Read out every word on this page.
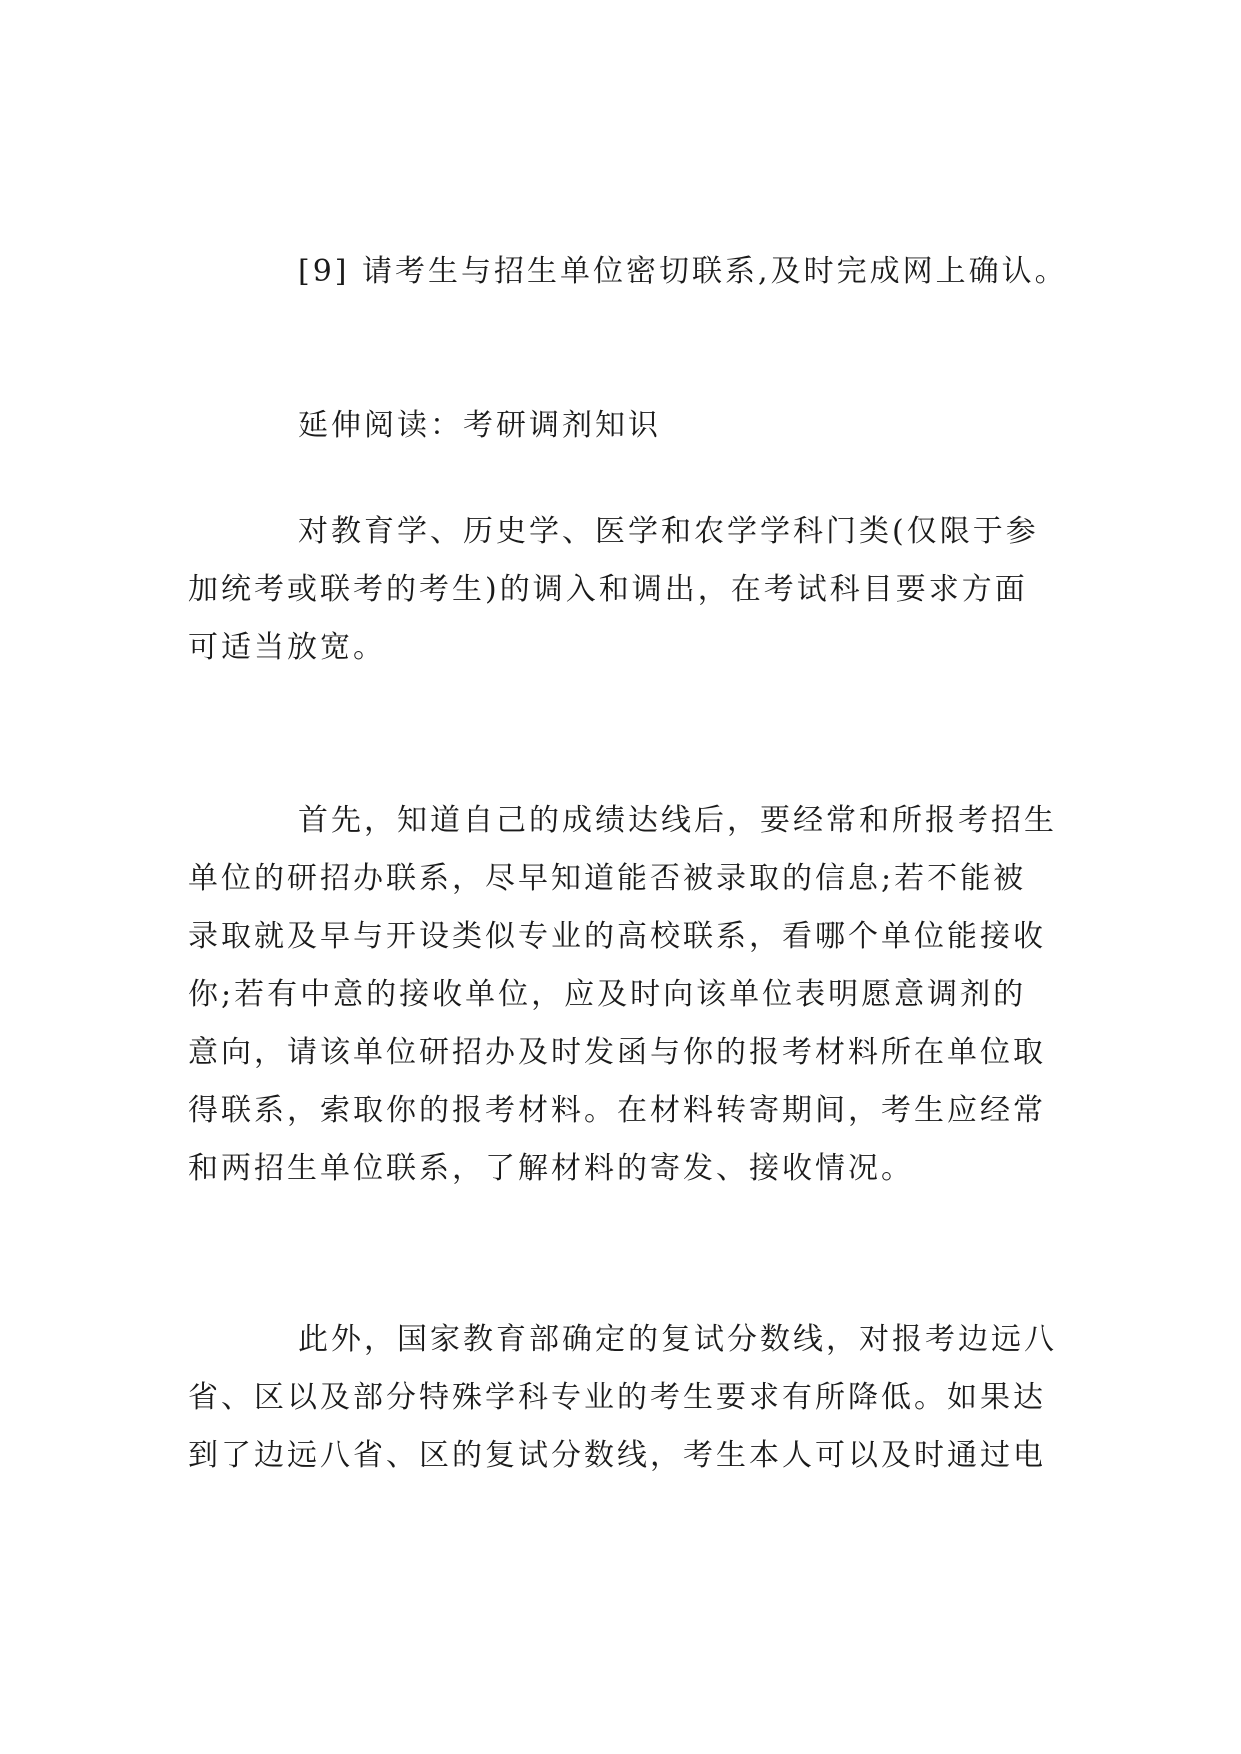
[9] 请考生与招生单位密切联系,及时完成网上确认。
延伸阅读：考研调剂知识
对教育学、历史学、医学和农学学科门类(仅限于参
加统考或联考的考生)的调入和调出，在考试科目要求方面
可适当放宽。
首先，知道自己的成绩达线后，要经常和所报考招生
单位的研招办联系，尽早知道能否被录取的信息;若不能被
录取就及早与开设类似专业的高校联系，看哪个单位能接收
你;若有中意的接收单位，应及时向该单位表明愿意调剂的
意向，请该单位研招办及时发函与你的报考材料所在单位取
得联系，索取你的报考材料。在材料转寄期间，考生应经常
和两招生单位联系，了解材料的寄发、接收情况。
此外，国家教育部确定的复试分数线，对报考边远八
省、区以及部分特殊学科专业的考生要求有所降低。如果达
到了边远八省、区的复试分数线，考生本人可以及时通过电
